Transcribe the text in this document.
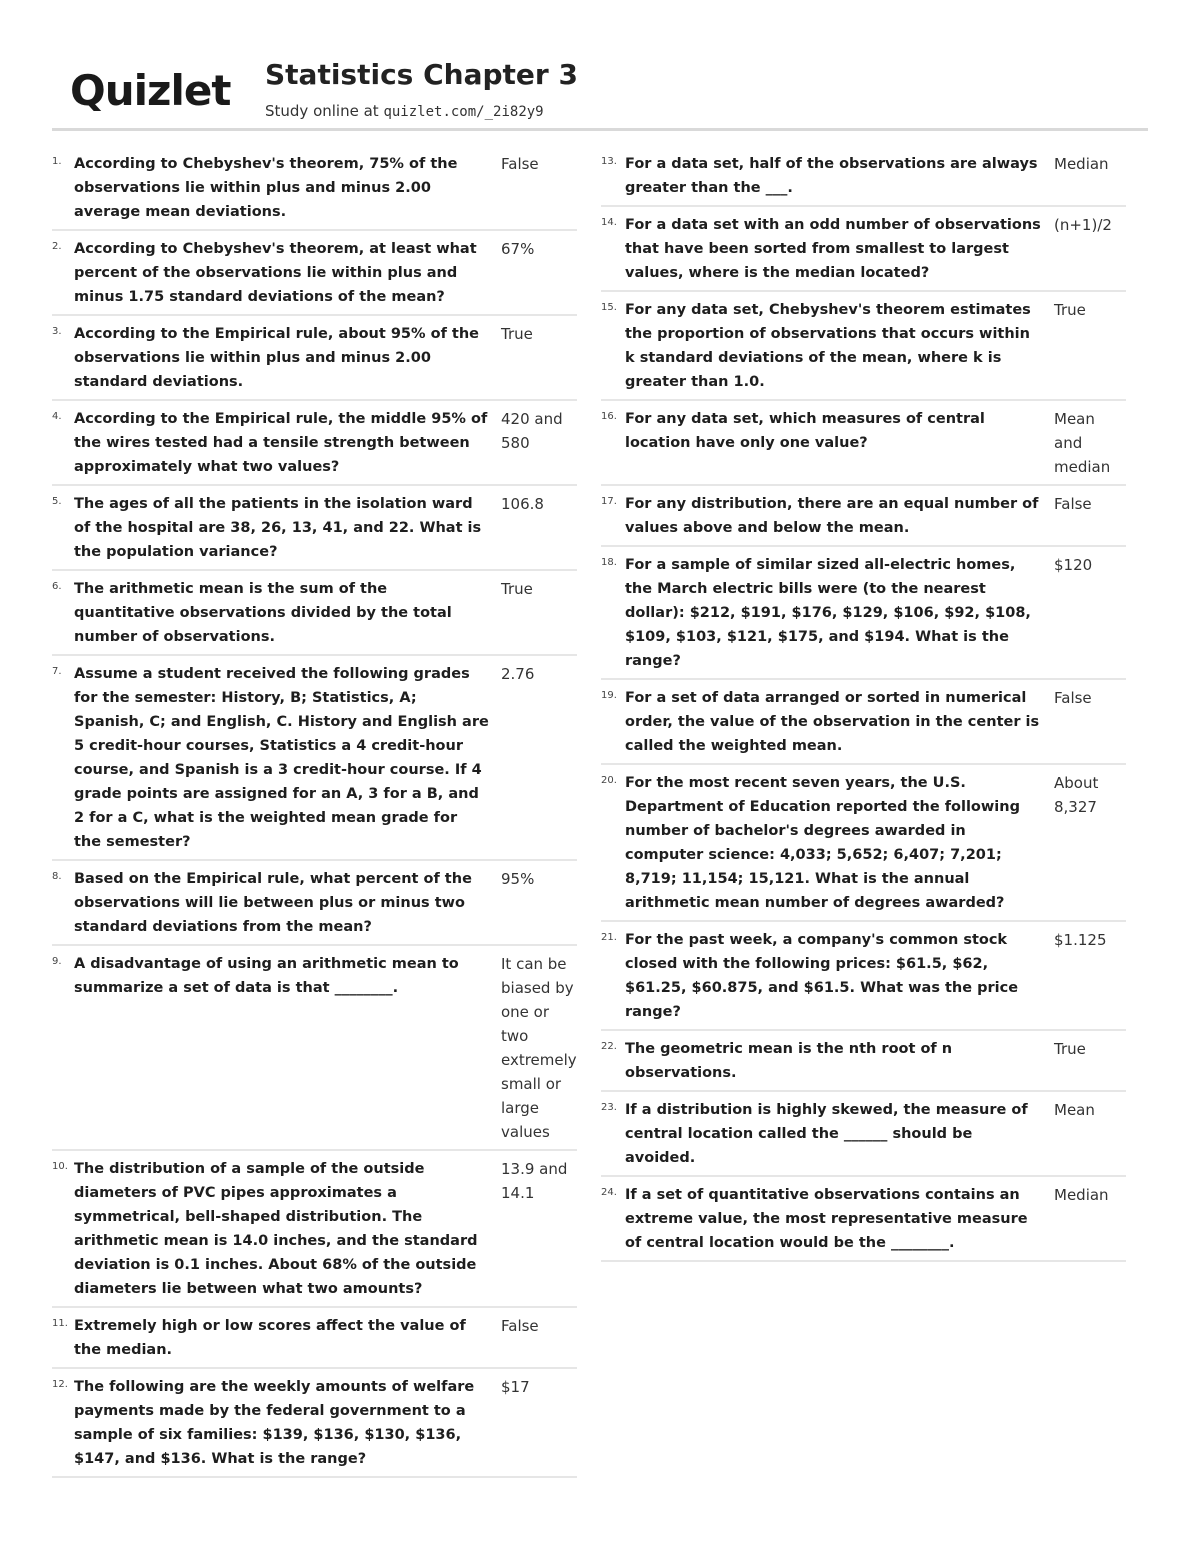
Quizlet Statistics Chapter 3
Study online at quizlet.com/_2i82y9
1. According to Chebyshev's theorem, 75% of the observations lie within plus and minus 2.00 average mean deviations.
False
2. According to Chebyshev's theorem, at least what percent of the observations lie within plus and minus 1.75 standard deviations of the mean?
67%
3. According to the Empirical rule, about 95% of the observations lie within plus and minus 2.00 standard deviations.
True
4. According to the Empirical rule, the middle 95% of the wires tested had a tensile strength between approximately what two values?
420 and 580
5. The ages of all the patients in the isolation ward of the hospital are 38, 26, 13, 41, and 22. What is the population variance?
106.8
6. The arithmetic mean is the sum of the quantitative observations divided by the total number of observations.
True
7. Assume a student received the following grades for the semester: History, B; Statistics, A; Spanish, C; and English, C. History and English are 5 credit-hour courses, Statistics a 4 credit-hour course, and Spanish is a 3 credit-hour course. If 4 grade points are assigned for an A, 3 for a B, and 2 for a C, what is the weighted mean grade for the semester?
2.76
8. Based on the Empirical rule, what percent of the observations will lie between plus or minus two standard deviations from the mean?
95%
9. A disadvantage of using an arithmetic mean to summarize a set of data is that ________.
It can be biased by one or two extremely small or large values
10. The distribution of a sample of the outside diameters of PVC pipes approximates a symmetrical, bell-shaped distribution. The arithmetic mean is 14.0 inches, and the standard deviation is 0.1 inches. About 68% of the outside diameters lie between what two amounts?
13.9 and 14.1
11. Extremely high or low scores affect the value of the median.
False
12. The following are the weekly amounts of welfare payments made by the federal government to a sample of six families: $139, $136, $130, $136, $147, and $136. What is the range?
$17
13. For a data set, half of the observations are always greater than the ___.
Median
14. For a data set with an odd number of observations that have been sorted from smallest to largest values, where is the median located?
(n+1)/2
15. For any data set, Chebyshev's theorem estimates the proportion of observations that occurs within k standard deviations of the mean, where k is greater than 1.0.
True
16. For any data set, which measures of central location have only one value?
Mean and median
17. For any distribution, there are an equal number of values above and below the mean.
False
18. For a sample of similar sized all-electric homes, the March electric bills were (to the nearest dollar): $212, $191, $176, $129, $106, $92, $108, $109, $103, $121, $175, and $194. What is the range?
$120
19. For a set of data arranged or sorted in numerical order, the value of the observation in the center is called the weighted mean.
False
20. For the most recent seven years, the U.S. Department of Education reported the following number of bachelor's degrees awarded in computer science: 4,033; 5,652; 6,407; 7,201; 8,719; 11,154; 15,121. What is the annual arithmetic mean number of degrees awarded?
About 8,327
21. For the past week, a company's common stock closed with the following prices: $61.5, $62, $61.25, $60.875, and $61.5. What was the price range?
$1.125
22. The geometric mean is the nth root of n observations.
True
23. If a distribution is highly skewed, the measure of central location called the ______ should be avoided.
Mean
24. If a set of quantitative observations contains an extreme value, the most representative measure of central location would be the ________.
Median
